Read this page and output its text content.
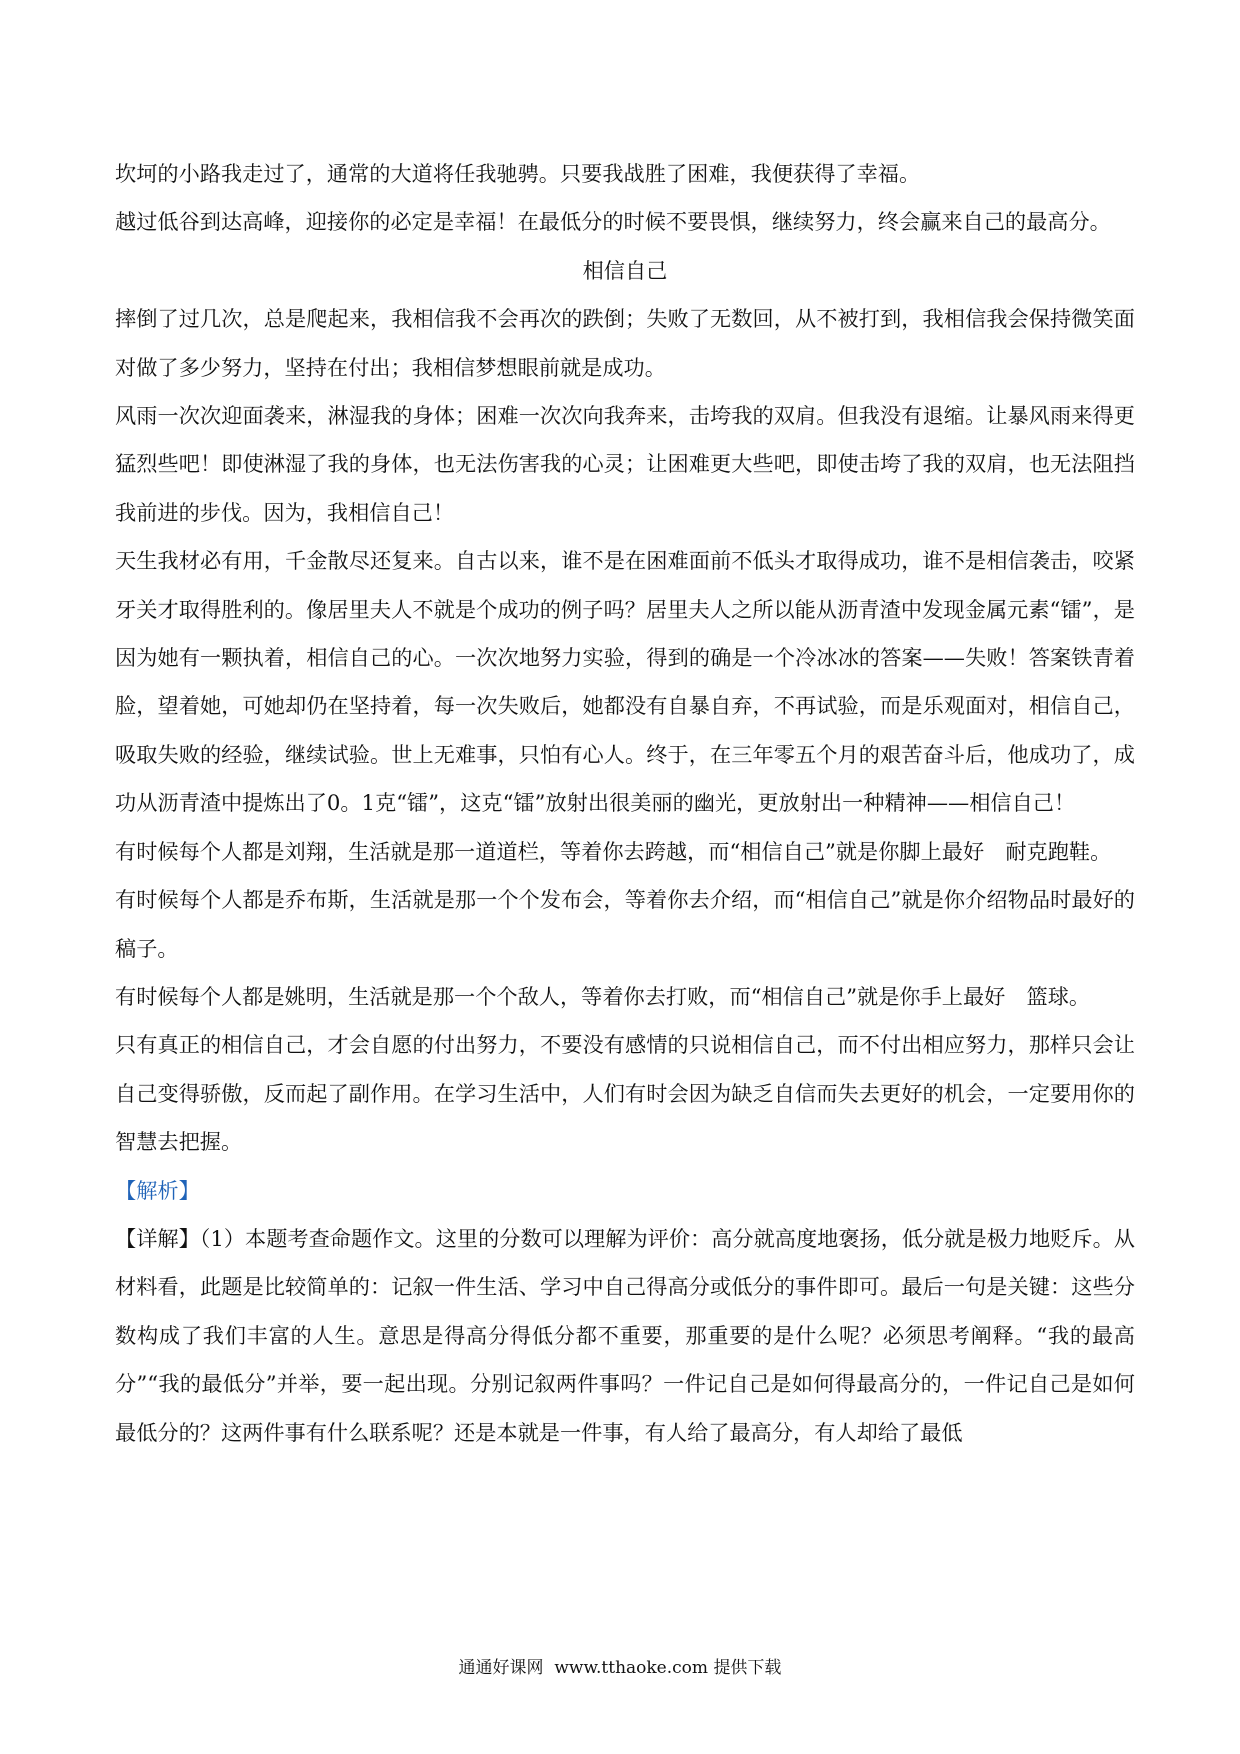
坎坷的小路我走过了，通常的大道将任我驰骋。只要我战胜了困难，我便获得了幸福。

越过低谷到达高峰，迎接你的必定是幸福！在最低分的时候不要畏惧，继续努力，终会赢来自己的最高分。

相信自己

摔倒了过几次，总是爬起来，我相信我不会再次的跌倒；失败了无数回，从不被打到，我相信我会保持微笑面对做了多少努力，坚持在付出；我相信梦想眼前就是成功。

风雨一次次迎面袭来，淋湿我的身体；困难一次次向我奔来，击垮我的双肩。但我没有退缩。让暴风雨来得更猛烈些吧！即使淋湿了我的身体，也无法伤害我的心灵；让困难更大些吧，即使击垮了我的双肩，也无法阻挡我前进的步伐。因为，我相信自己！

天生我材必有用，千金散尽还复来。自古以来，谁不是在困难面前不低头才取得成功，谁不是相信袭击，咬紧牙关才取得胜利的。像居里夫人不就是个成功的例子吗？居里夫人之所以能从沥青渣中发现金属元素“镭”，是因为她有一颗执着，相信自己的心。一次次地努力实验，得到的确是一个冷冰冰的答案——失败！答案铁青着脸，望着她，可她却仍在坚持着，每一次失败后，她都没有自暴自弃，不再试验，而是乐观面对，相信自己，吸取失败的经验，继续试验。世上无难事，只怕有心人。终于，在三年零五个月的艰苦奋斗后，他成功了，成功从沥青渣中提炼出了0。1克“镭”，这克“镭”放射出很美丽的幽光，更放射出一种精神——相信自己！

有时候每个人都是刘翔，生活就是那一道道栏，等着你去跨越，而“相信自己”就是你脚上最好　耐克跑鞋。

有时候每个人都是乔布斯，生活就是那一个个发布会，等着你去介绍，而“相信自己”就是你介绍物品时最好的稿子。

有时候每个人都是姚明，生活就是那一个个敌人，等着你去打败，而“相信自己”就是你手上最好　篮球。

只有真正的相信自己，才会自愿的付出努力，不要没有感情的只说相信自己，而不付出相应努力，那样只会让自己变得骄傲，反而起了副作用。在学习生活中，人们有时会因为缺乏自信而失去更好的机会，一定要用你的智慧去把握。

【解析】

【详解】（1）本题考查命题作文。这里的分数可以理解为评价：高分就高度地褒扬，低分就是极力地贬斥。从材料看，此题是比较简单的：记叙一件生活、学习中自己得高分或低分的事件即可。最后一句是关键：这些分数构成了我们丰富的人生。意思是得高分得低分都不重要，那重要的是什么呢？必须思考阐释。“我的最高分”“我的最低分”并举，要一起出现。分别记叙两件事吗？一件记自己是如何得最高分的，一件记自己是如何最低分的？这两件事有什么联系呢？还是本就是一件事，有人给了最高分，有人却给了最低

通通好课网 www.tthaoke.com 提供下载
